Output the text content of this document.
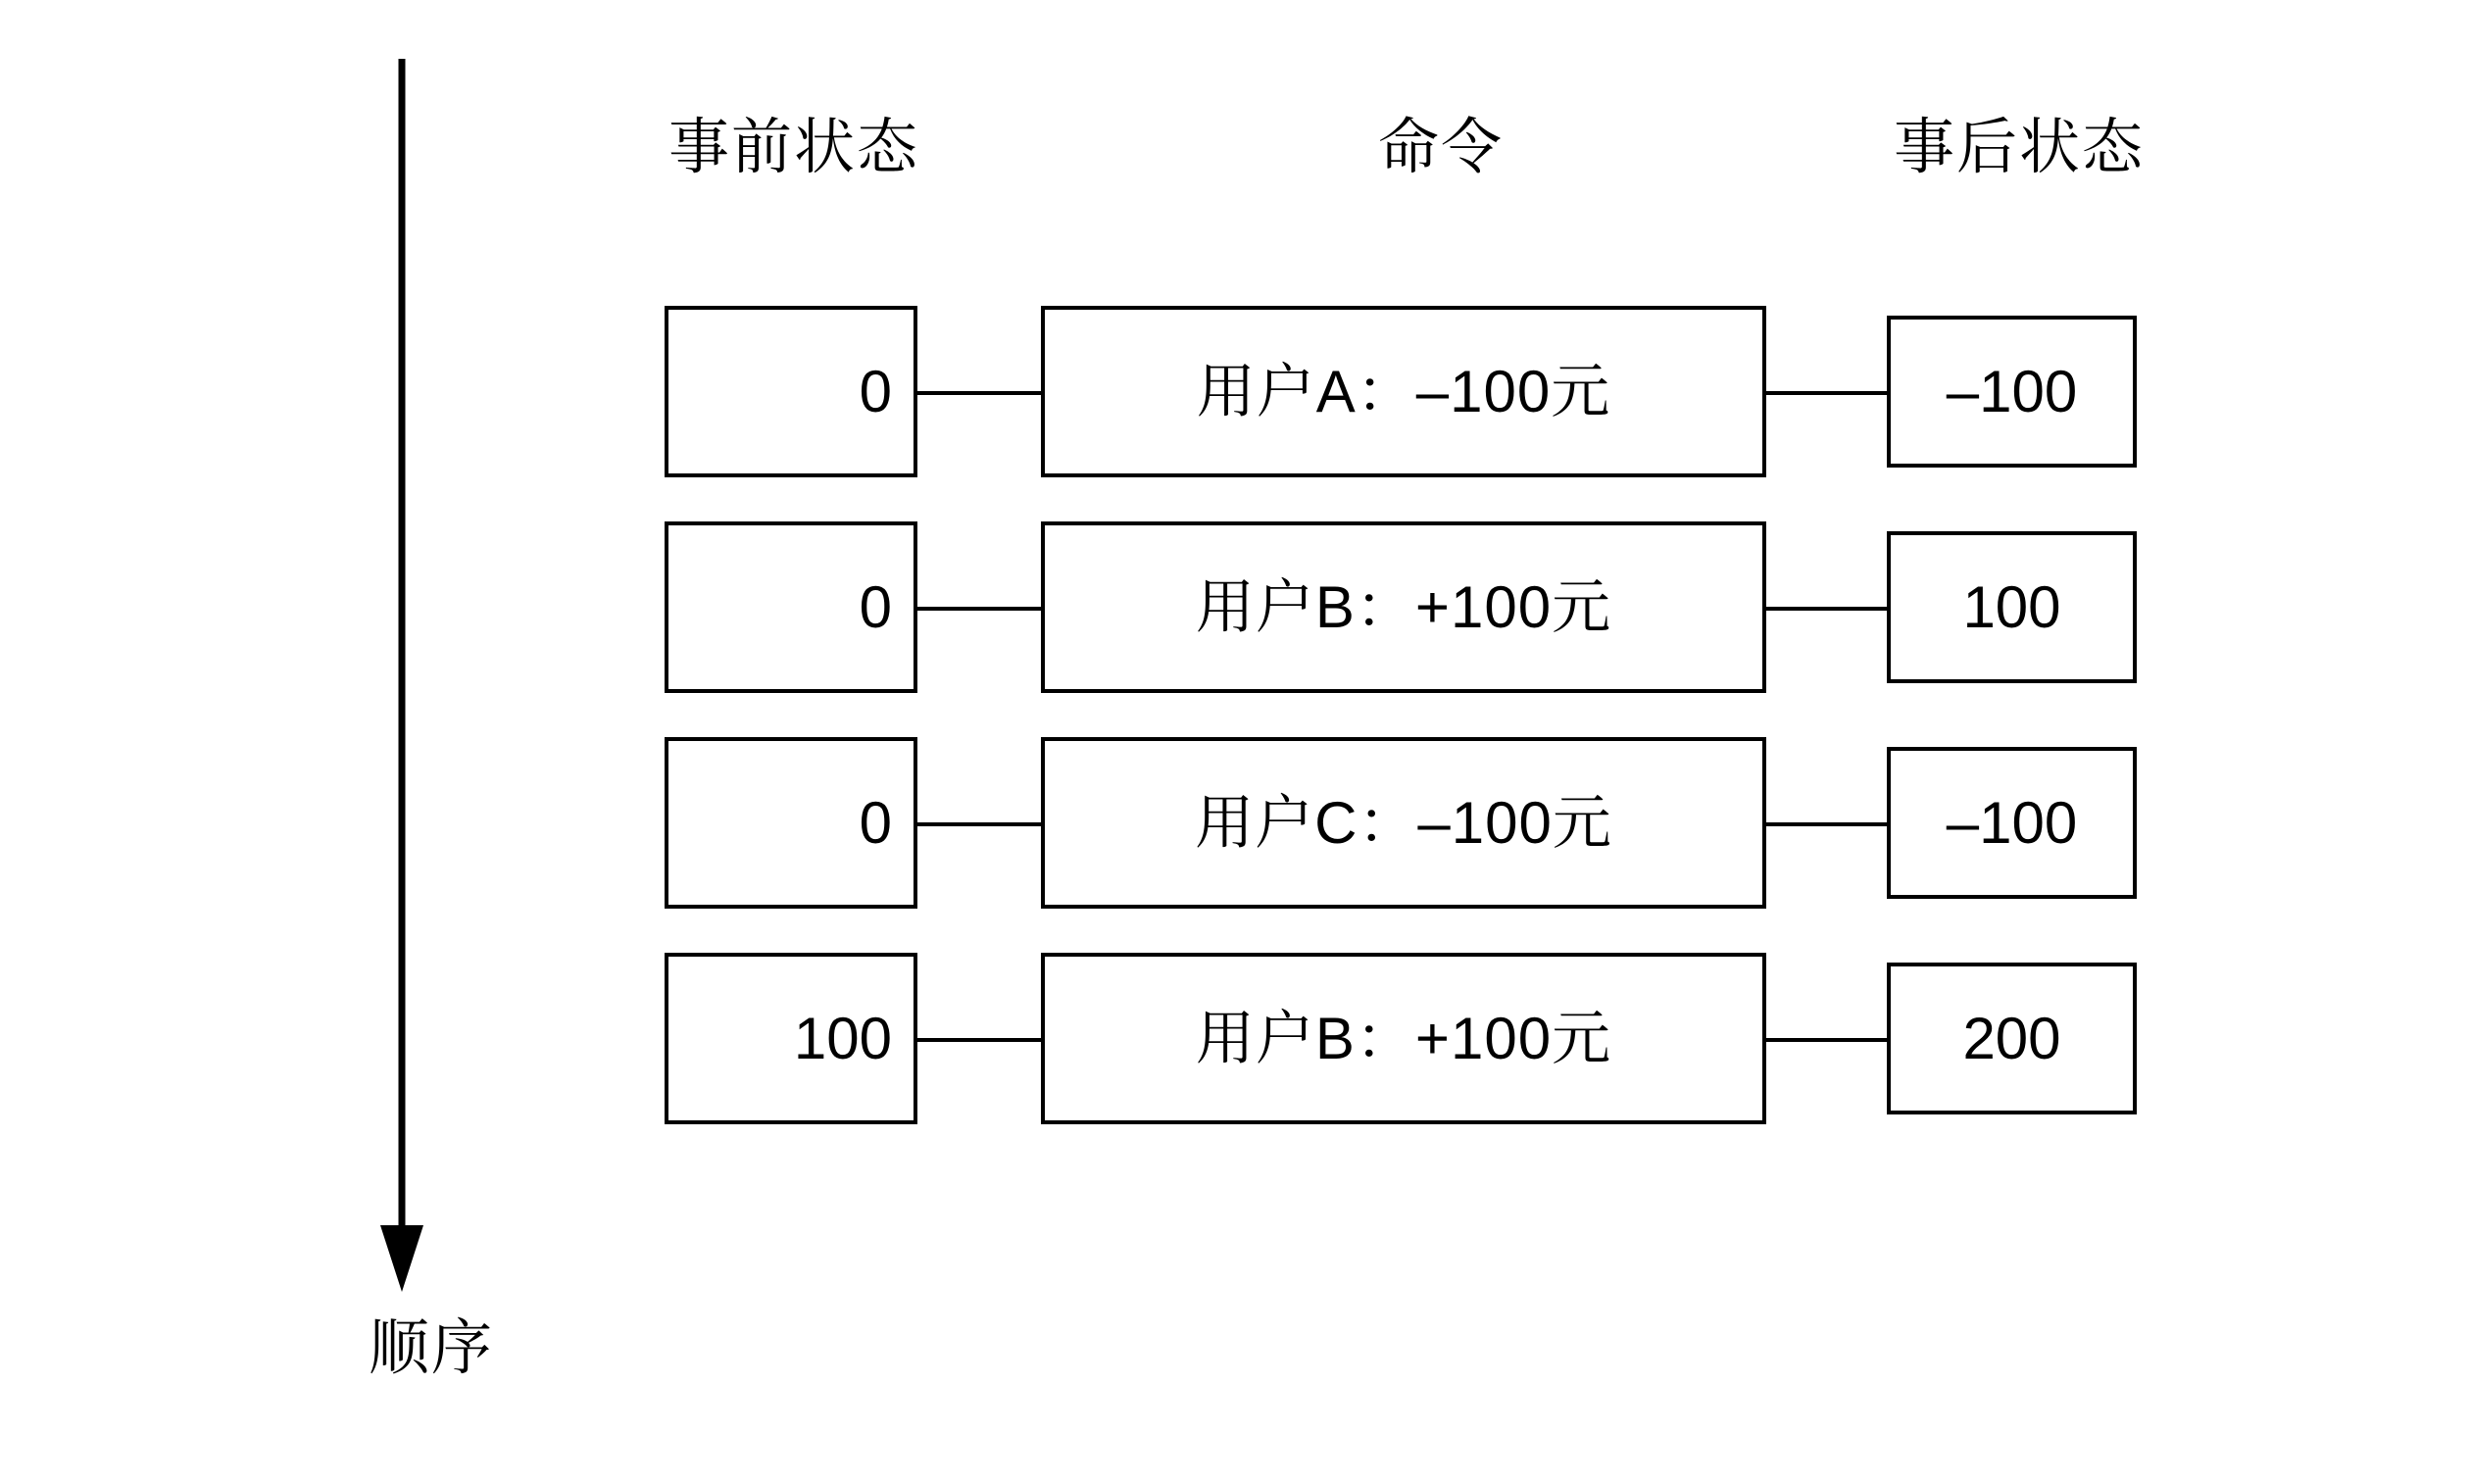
顺序
事前状态	命令	事后状态
0	用户A：–100元	–100
0	用户B：+100元	100
0	用户C：–100元	–100
100	用户B：+100元	200
